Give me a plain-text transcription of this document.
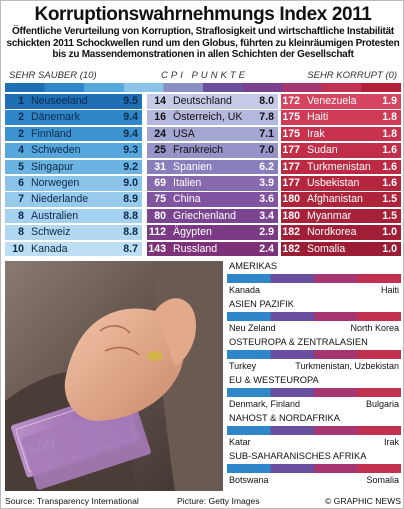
Korruptionswahrnehmungs Index 2011
Öffentliche Verurteilung von Korruption, Straflosigkeit und wirtschaftliche Instabilität schickten 2011 Schockwellen rund um den Globus, führten zu kleinräumigen Protesten bis zu Massendemonstrationen in allen Schichten der Gesellschaft
SEHR SAUBER (10)	CPI PUNKTE	SEHR KORRUPT (0)
1 Neuseeland	9.5
2 Dänemark	9.4
2 Finnland	9.4
4 Schweden	9.3
5 Singapur	9.2
6 Norwegen	9.0
7 Niederlande	8.9
8 Australien	8.8
8 Schweiz	8.8
10 Kanada	8.7
14 Deutschland	8.0
16 Österreich, UK	7.8
24 USA	7.1
25 Frankreich	7.0
31 Spanien	6.2
69 Italien	3.9
75 China	3.6
80 Griechenland	3.4
112 Ägypten	2.9
143 Russland	2.4
172 Venezuela	1.9
175 Haiti	1.8
175 Irak	1.8
177 Sudan	1.6
177 Turkmenistan	1.6
177 Usbekistan	1.6
180 Afghanistan	1.5
180 Myanmar	1.5
182 Nordkorea	1.0
182 Somalia	1.0
AMERIKAS
Kanada	Haiti
ASIEN PAZIFIK
Neu Zeland	North Korea
OSTEUROPA & ZENTRALASIEN
Turkey	Turkmenistan, Uzbekistan
EU & WESTEUROPA
Denmark, Finland	Bulgaria
NAHOST & NORDAFRIKA
Katar	Irak
SUB-SAHARANISCHES AFRIKA
Botswana	Somalia
Source: Transparency International	Picture: Getty Images	© GRAPHIC NEWS
